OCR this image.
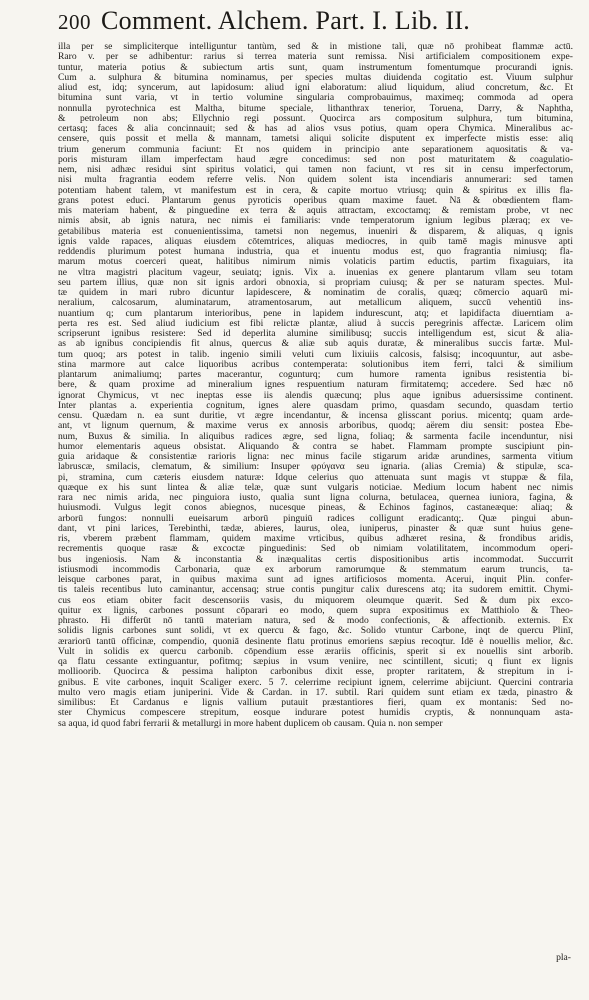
200 Comment. Alchem. Part. I. Lib. II.
illa per se simpliciterque intelliguntur tantùm, sed & in mistione tali, quæ nō prohibeat flammæ actū.
Raro v. per se adhibentur: rarius si terrea materia sunt remissa. Nisi artificialem compositionem expe-
tuntur, materia potius & subiectum artis sunt, quam instrumentum fomentumque procurandi ignis.
Cum a. sulphura & bitumina nominamus, per species multas diuidenda cogitatio est. Viuum sulphur
aliud est, idq; syncerum, aut lapidosum: aliud igni elaboratum: aliud liquidum, aliud concretum, &c. Et
bitumina sunt varia, vt in tertio volumine singularia comprobauimus, maximeq; commoda ad opera
nonnulla pyrotechnica est Maltha, bitume speciale, lithanthrax tenerior, Toruena, Darry, & Naphtha,
& petroleum non abs; Ellychnio regi possunt. Quocirca ars compositum sulphura, tum bitumina,
certasq; faces & alia concinnauit; sed & has ad alios vsus potius, quam opera Chymica. Mineralibus ac-
censere, quis possit et mella & mannam, tametsi aliqui solicite disputent ex imperfecte mistis esse: aliq
trium generum communia faciunt: Et nos quidem in principio ante separationem aquositatis & va-
poris misturam illam imperfectam haud ægre concedimus: sed non post maturitatem & coagulatio-
nem, nisi adhæc residui sint spiritus volatici, qui tamen non faciunt, vt res sit in censu imperfectorum,
nisi multa fragrantia eodem referre velis. Non quidem solent ista incendiaris annumerari: sed tamen
potentiam habent talem, vt manifestum est in cera, & capite mortuo vtriusq; quin & spiritus ex illis fla-
grans potest educi. Plantarum genus pyroticis operibus quam maxime fauet. Nā & obœdientem flam-
mis materiam habent, & pinguedine ex terra & aquis attractam, excoctamq; & remistam probe, vt nec
nimis absit, ab ignis natura, nec nimis ei familiaris: vnde temperatorum ignium legibus plæraq; ex ve-
getabilibus materia est conuenientissima, tametsi non negemus, inueniri & disparem, & aliquas, q ignis
ignis valde rapaces, aliquas eiusdem cōtemtrices, aliquas mediocres, in quib tamē magis minusve apti
reddendis plurimum potest humana industria, qua et inuentu modus est, quo fragrantia nimiusq; fla-
marum motus coerceri queat, halitibus nimirum nimis volaticis partim eductis, partim fixaguiars, ita
ne vltra magistri placitum vageur, seuiatq; ignis. Vix a. inuenias ex genere plantarum vllam seu totam
seu partem illius, quæ non sit ignis ardori obnoxia, si propriam cuiusq; & per se naturam spectes. Mul-
tæ quidem in mari rubro dicuntur lapidescere, & nominatim de coralis, quæq; cōmercio aquarū mi-
neralium, calcosarum, aluminatarum, atramentosarum, aut metallicum aliquem, succū vehentiū ins-
nuantium q; cum plantarum interioribus, pene in lapidem indurescunt, atq; et lapidifacta diuerntiam a-
perta res est. Sed aliud iudicium est fibi relictæ plantæ, aliud à succis peregrinis affectæ. Laricem olim
scripserunt ignibus resistere: Sed id deperlita alumine similibusq; succis intelligendum est, sicut & alia-
as ab ignibus concipiendis fit alnus, quercus & aliæ sub aquis duratæ, & mineralibus succis fartæ. Mul-
tum quoq; ars potest in talib. ingenio simili veluti cum lixiuiis calcosis, falsisq; incoquuntur, aut asbe-
stina marmore aut calce liquoribus acribus contemperata: solutionibus item ferri, talci & similium
plantarum animaliumq; partes macerantur, cogunturq; cum humore ramenta ignibus resistentia bi-
bere, & quam proxime ad mineralium ignes respuentium naturam firmitatemq; accedere. Sed hæc nō
ignorat Chymicus, vt nec ineptas esse iis alendis quæcunq; plus aque ignibus aduersissime continent.
Inter plantas a. experientia cognitum, ignes alere quasdam primo, quasdam secundo, quasdam tertio
censu. Quædam n. ea sunt duritie, vt ægre incendantur, & incensa glisscant porius. micentq; quam arde-
ant, vt lignum quernum, & maxime verus ex annosis arboribus, quodq; aërem diu sensit: postea Ebe-
num, Buxus & similia. In aliquibus radices ægre, sed ligna, foliaq; & sarmenta facile incenduntur, nisi
humor elementaris aqueus obsistat. Aliquando & contra se habet. Flammam prompte suscipiunt pin-
guia aridaque & consistentiæ rarioris ligna: nec minus facile stigarum aridæ arundines, sarmenta vitium
labruscæ, smilacis, clematum, & similium: Insuper φρύγανα seu ignaria. (alias Cremia) & stipulæ, sca-
pi, stramina, cum cæteris eiusdem naturæ: Idque celerius quo attenuata sunt magis vt stuppæ & fila,
quæque ex his sunt lintea & aliæ telæ, quæ sunt vulgaris noticiae. Medium locum habent nec nimis
rara nec nimis arida, nec pinguiora iusto, qualia sunt ligna colurna, betulacea, quernea iuniora, fagina, &
huiusmodi. Vulgus legit conos abiegnos, nucesque pineas, & Echinos faginos, castaneæque: aliaq; &
arborū fungos: nonnulli eueisarum arborū pinguiū radices colligunt eradicantq;. Quæ pingui abun-
dant, vt pini larices, Terebinthi, tædæ, abieres, laurus, olea, iuniperus, pinaster & quæ sunt huius gene-
ris, vberem præbent flammam, quidem maxime vrticibus, quibus adhæret resina, & frondibus aridis,
recrementis quoque rasæ & excoctæ pinguedinis: Sed ob nimiam volatilitatem, incommodum operi-
bus ingeniosis. Nam & inconstantia & inæqualitas certis dispositionibus artis incommodat. Succurrit
istiusmodi incommodis Carbonaria, quæ ex arborum ramorumque & stemmatum earum truncis, ta-
leisque carbones parat, in quibus maxima sunt ad ignes artificiosos momenta. Acerui, inquit Plin. confer-
tis taleis recentibus luto caminantur, accensaq; strue contis pungitur calix durescens atq; ita sudorem emittit. Chymi-
cus eos etiam obiter facit descensoriis vasis, du miquorem oleumque quærit. Sed & dum pix exco-
quitur ex lignis, carbones possunt cōparari eo modo, quem supra expositimus ex Matthiolo & Theo-
phrasto. Hi differūt nō tantū materiam natura, sed & modo confectionis, & affectionib. externis. Ex
solidis lignis carbones sunt solidi, vt ex quercu & fago, &c. Solido vtuntur Carbone, inqt de quercu Plinī,
ærariorū tantū officinæ, compendio, quoniā desinente flatu protinus emoriens sæpius recoqtur. Idē è nouellis melior, &c.
Vult in solidis ex quercu carbonib. cōpendium esse ærariis officinis, sperit si ex nouellis sint arborib.
qa flatu cessante extinguantur, pofitmq; sæpius in vsum veniire, nec scintillent, sicuti; q fiunt ex lignis
mollioorib. Quocirca & pessima halipton carbonibus dixit esse, propter raritatem, & strepitum in i-
gnibus. E vite carbones, inquit Scaliger exerc. 5 7. celerrime recipiunt ignem, celerrime abijciunt. Quercini contraria
multo vero magis etiam juniperini. Vide & Cardan. in 17. subtil. Rari quidem sunt etiam ex tæda, pinastro &
similibus: Et Cardanus e lignis vallium putauit præstantiores fieri, quam ex montanis: Sed no-
ster Chymicus compescere strepitum, eosque indurare potest humidis cryptis, & nonnunquam asta-
sa aqua, id quod fabri ferrarii & metallurgi in more habent duplicem ob causam. Quia n. non semper
pla-
